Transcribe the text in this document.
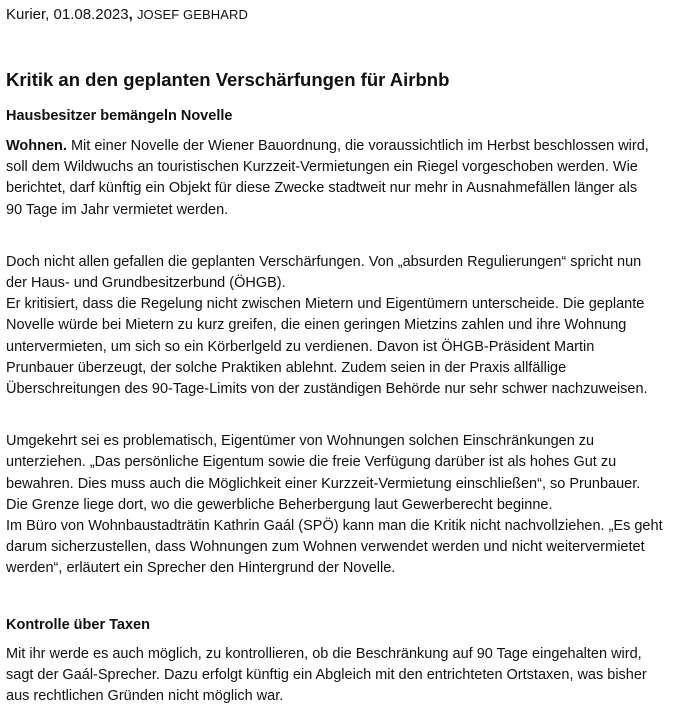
Kurier, 01.08.2023, JOSEF GEBHARD

Kritik an den geplanten Verschärfungen für Airbnb
Hausbesitzer bemängeln Novelle

Wohnen. Mit einer Novelle der Wiener Bauordnung, die voraussichtlich im Herbst beschlossen wird,
soll dem Wildwuchs an touristischen Kurzzeit-Vermietungen ein Riegel vorgeschoben werden. Wie
berichtet, darf künftig ein Objekt für diese Zwecke stadtweit nur mehr in Ausnahmefällen länger als
90 Tage im Jahr vermietet werden.

Doch nicht allen gefallen die geplanten Verschärfungen. Von „absurden Regulierungen“ spricht nun
der Haus- und Grundbesitzerbund (ÖHGB).
Er kritisiert, dass die Regelung nicht zwischen Mietern und Eigentümern unterscheide. Die geplante
Novelle würde bei Mietern zu kurz greifen, die einen geringen Mietzins zahlen und ihre Wohnung
untervermieten, um sich so ein Körberlgeld zu verdienen. Davon ist ÖHGB-Präsident Martin
Prunbauer überzeugt, der solche Praktiken ablehnt. Zudem seien in der Praxis allfällige
Überschreitungen des 90-Tage-Limits von der zuständigen Behörde nur sehr schwer nachzuweisen.

Umgekehrt sei es problematisch, Eigentümer von Wohnungen solchen Einschränkungen zu
unterziehen. „Das persönliche Eigentum sowie die freie Verfügung darüber ist als hohes Gut zu
bewahren. Dies muss auch die Möglichkeit einer Kurzzeit-Vermietung einschließen“, so Prunbauer.
Die Grenze liege dort, wo die gewerbliche Beherbergung laut Gewerberecht beginne.
Im Büro von Wohnbaustadträtin Kathrin Gaál (SPÖ) kann man die Kritik nicht nachvollziehen. „Es geht
darum sicherzustellen, dass Wohnungen zum Wohnen verwendet werden und nicht weitervermietet
werden“, erläutert ein Sprecher den Hintergrund der Novelle.

Kontrolle über Taxen

Mit ihr werde es auch möglich, zu kontrollieren, ob die Beschränkung auf 90 Tage eingehalten wird,
sagt der Gaál-Sprecher. Dazu erfolgt künftig ein Abgleich mit den entrichteten Ortstaxen, was bisher
aus rechtlichen Gründen nicht möglich war.
